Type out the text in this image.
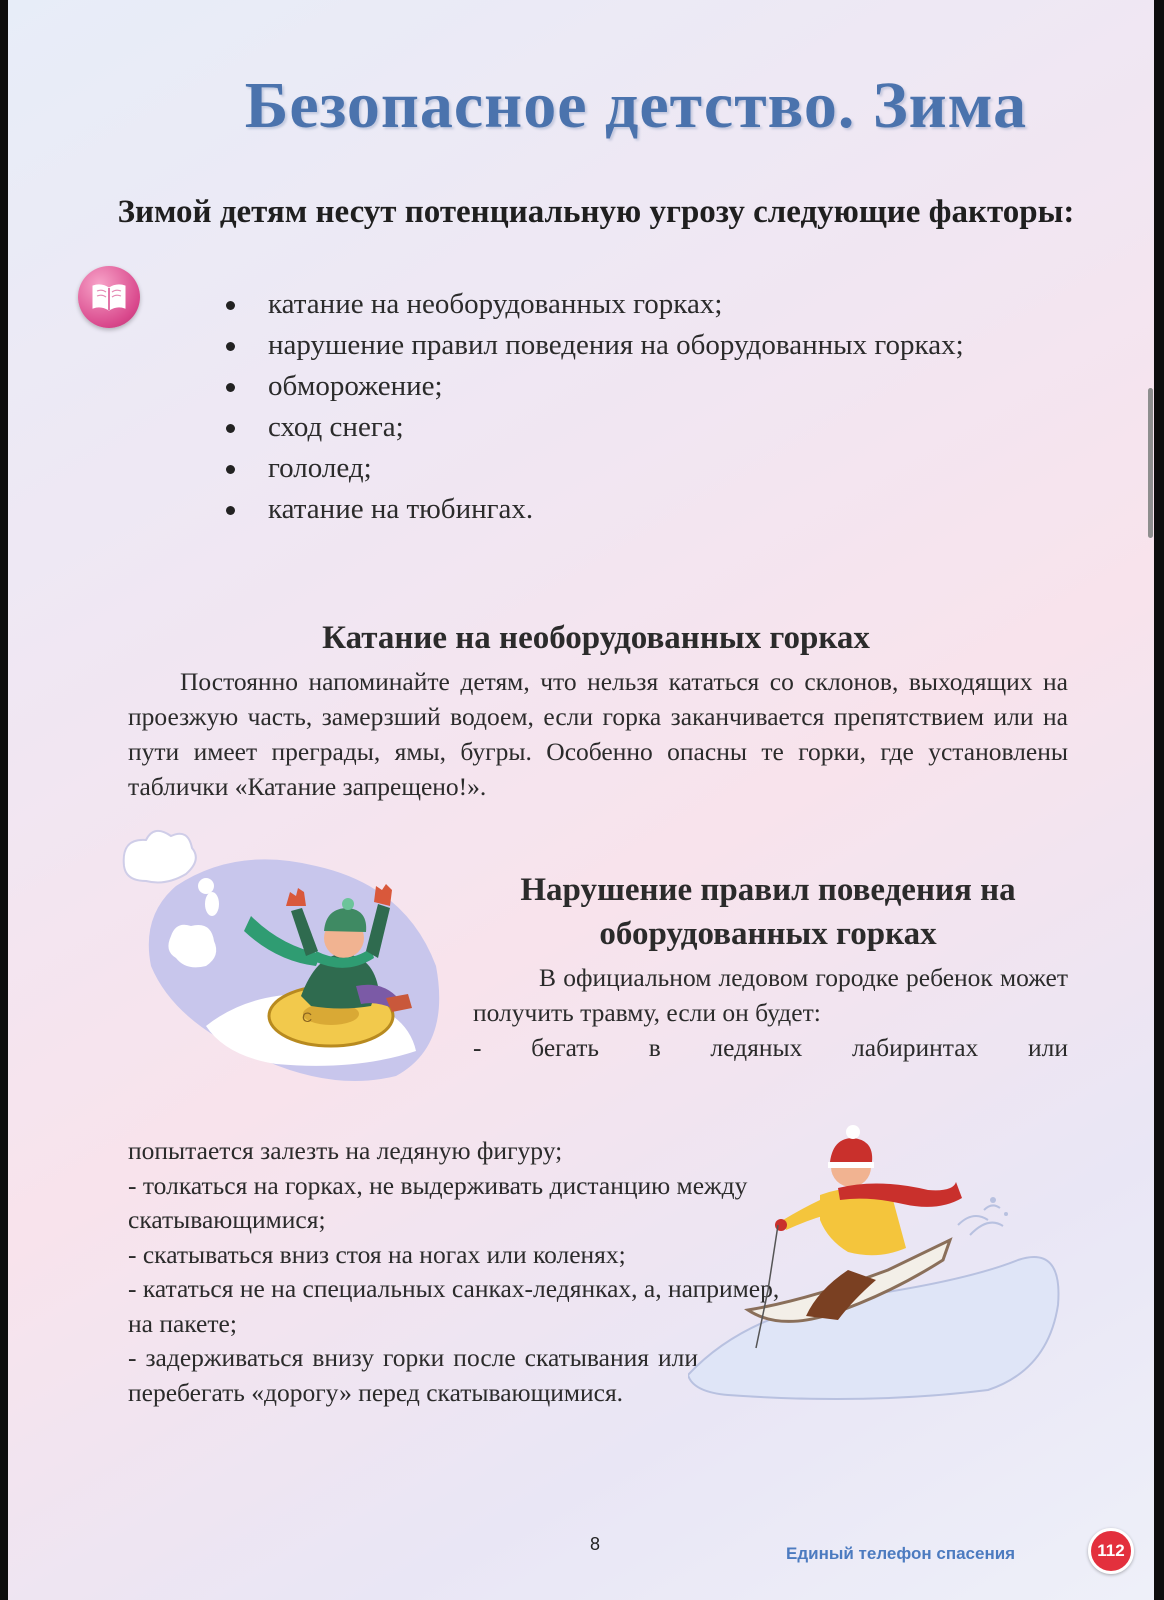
Безопасное детство. Зима
Зимой детям несут потенциальную угрозу следующие факторы:
катание на необорудованных горках;
нарушение правил поведения на оборудованных горках;
обморожение;
сход снега;
гололед;
катание на тюбингах.
Катание на необорудованных горках
Постоянно напоминайте детям, что нельзя кататься со склонов, выходящих на проезжую часть, замерзший водоем, если горка заканчивается препятствием или на пути имеет преграды, ямы, бугры. Особенно опасны те горки, где установлены таблички «Катание запрещено!».
С
Нарушение правил поведения на оборудованных горках

В официальном ледовом городке ребенок может получить травму, если он будет:

- бегать в ледяных лабиринтах или

попытается залезть на ледяную фигуру;

- толкаться на горках, не выдерживать дистанцию между скатывающимися;

- скатываться вниз стоя на ногах или коленях;

- кататься не на специальных санках-ледянках, а, например, на пакете;

- задерживаться внизу горки после скатывания или перебегать «дорогу» перед скатывающимися.

8	Единый телефон спасения	112
